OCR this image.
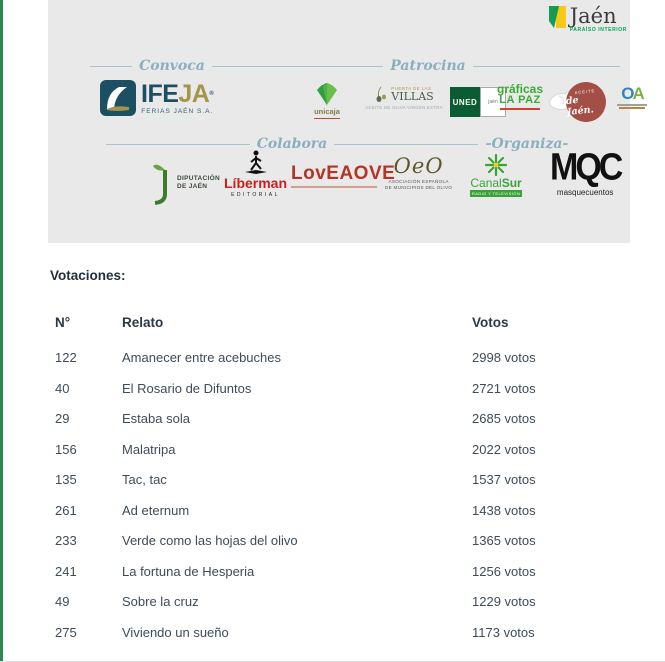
Jaén
PARAÍSO INTERIOR
Convoca	Patrocina
Colabora	-Organiza-
IFEJA®
FERIAS JAÉN S.A.	unicaja
PUERTA DE LAS
VILLAS
ACEITE DE OLIVA VIRGEN EXTRA
UNED	jaén
gráficas
LA PAZ
ACEITE
de Jaén.
OA
DIPUTACIÓN
DE JAÉN	Líberman
EDITORIAL
LovEAOVE
OeO
ASOCIACIÓN ESPAÑOLA
DE MUNICIPIOS DEL OLIVO CanalSur
RADIO Y TELEVISIÓN
MQC
masquecuentos
Votaciones:
N°	Relato	Votos
122	Amanecer entre acebuches	2998 votos
40	El Rosario de Difuntos	2721 votos
29	Estaba sola	2685 votos
156	Malatripa	2022 votos
135	Tac, tac	1537 votos
261	Ad eternum	1438 votos
233	Verde como las hojas del olivo	1365 votos
241	La fortuna de Hesperia	1256 votos
49	Sobre la cruz	1229 votos
275	Viviendo un sueño	1173 votos
